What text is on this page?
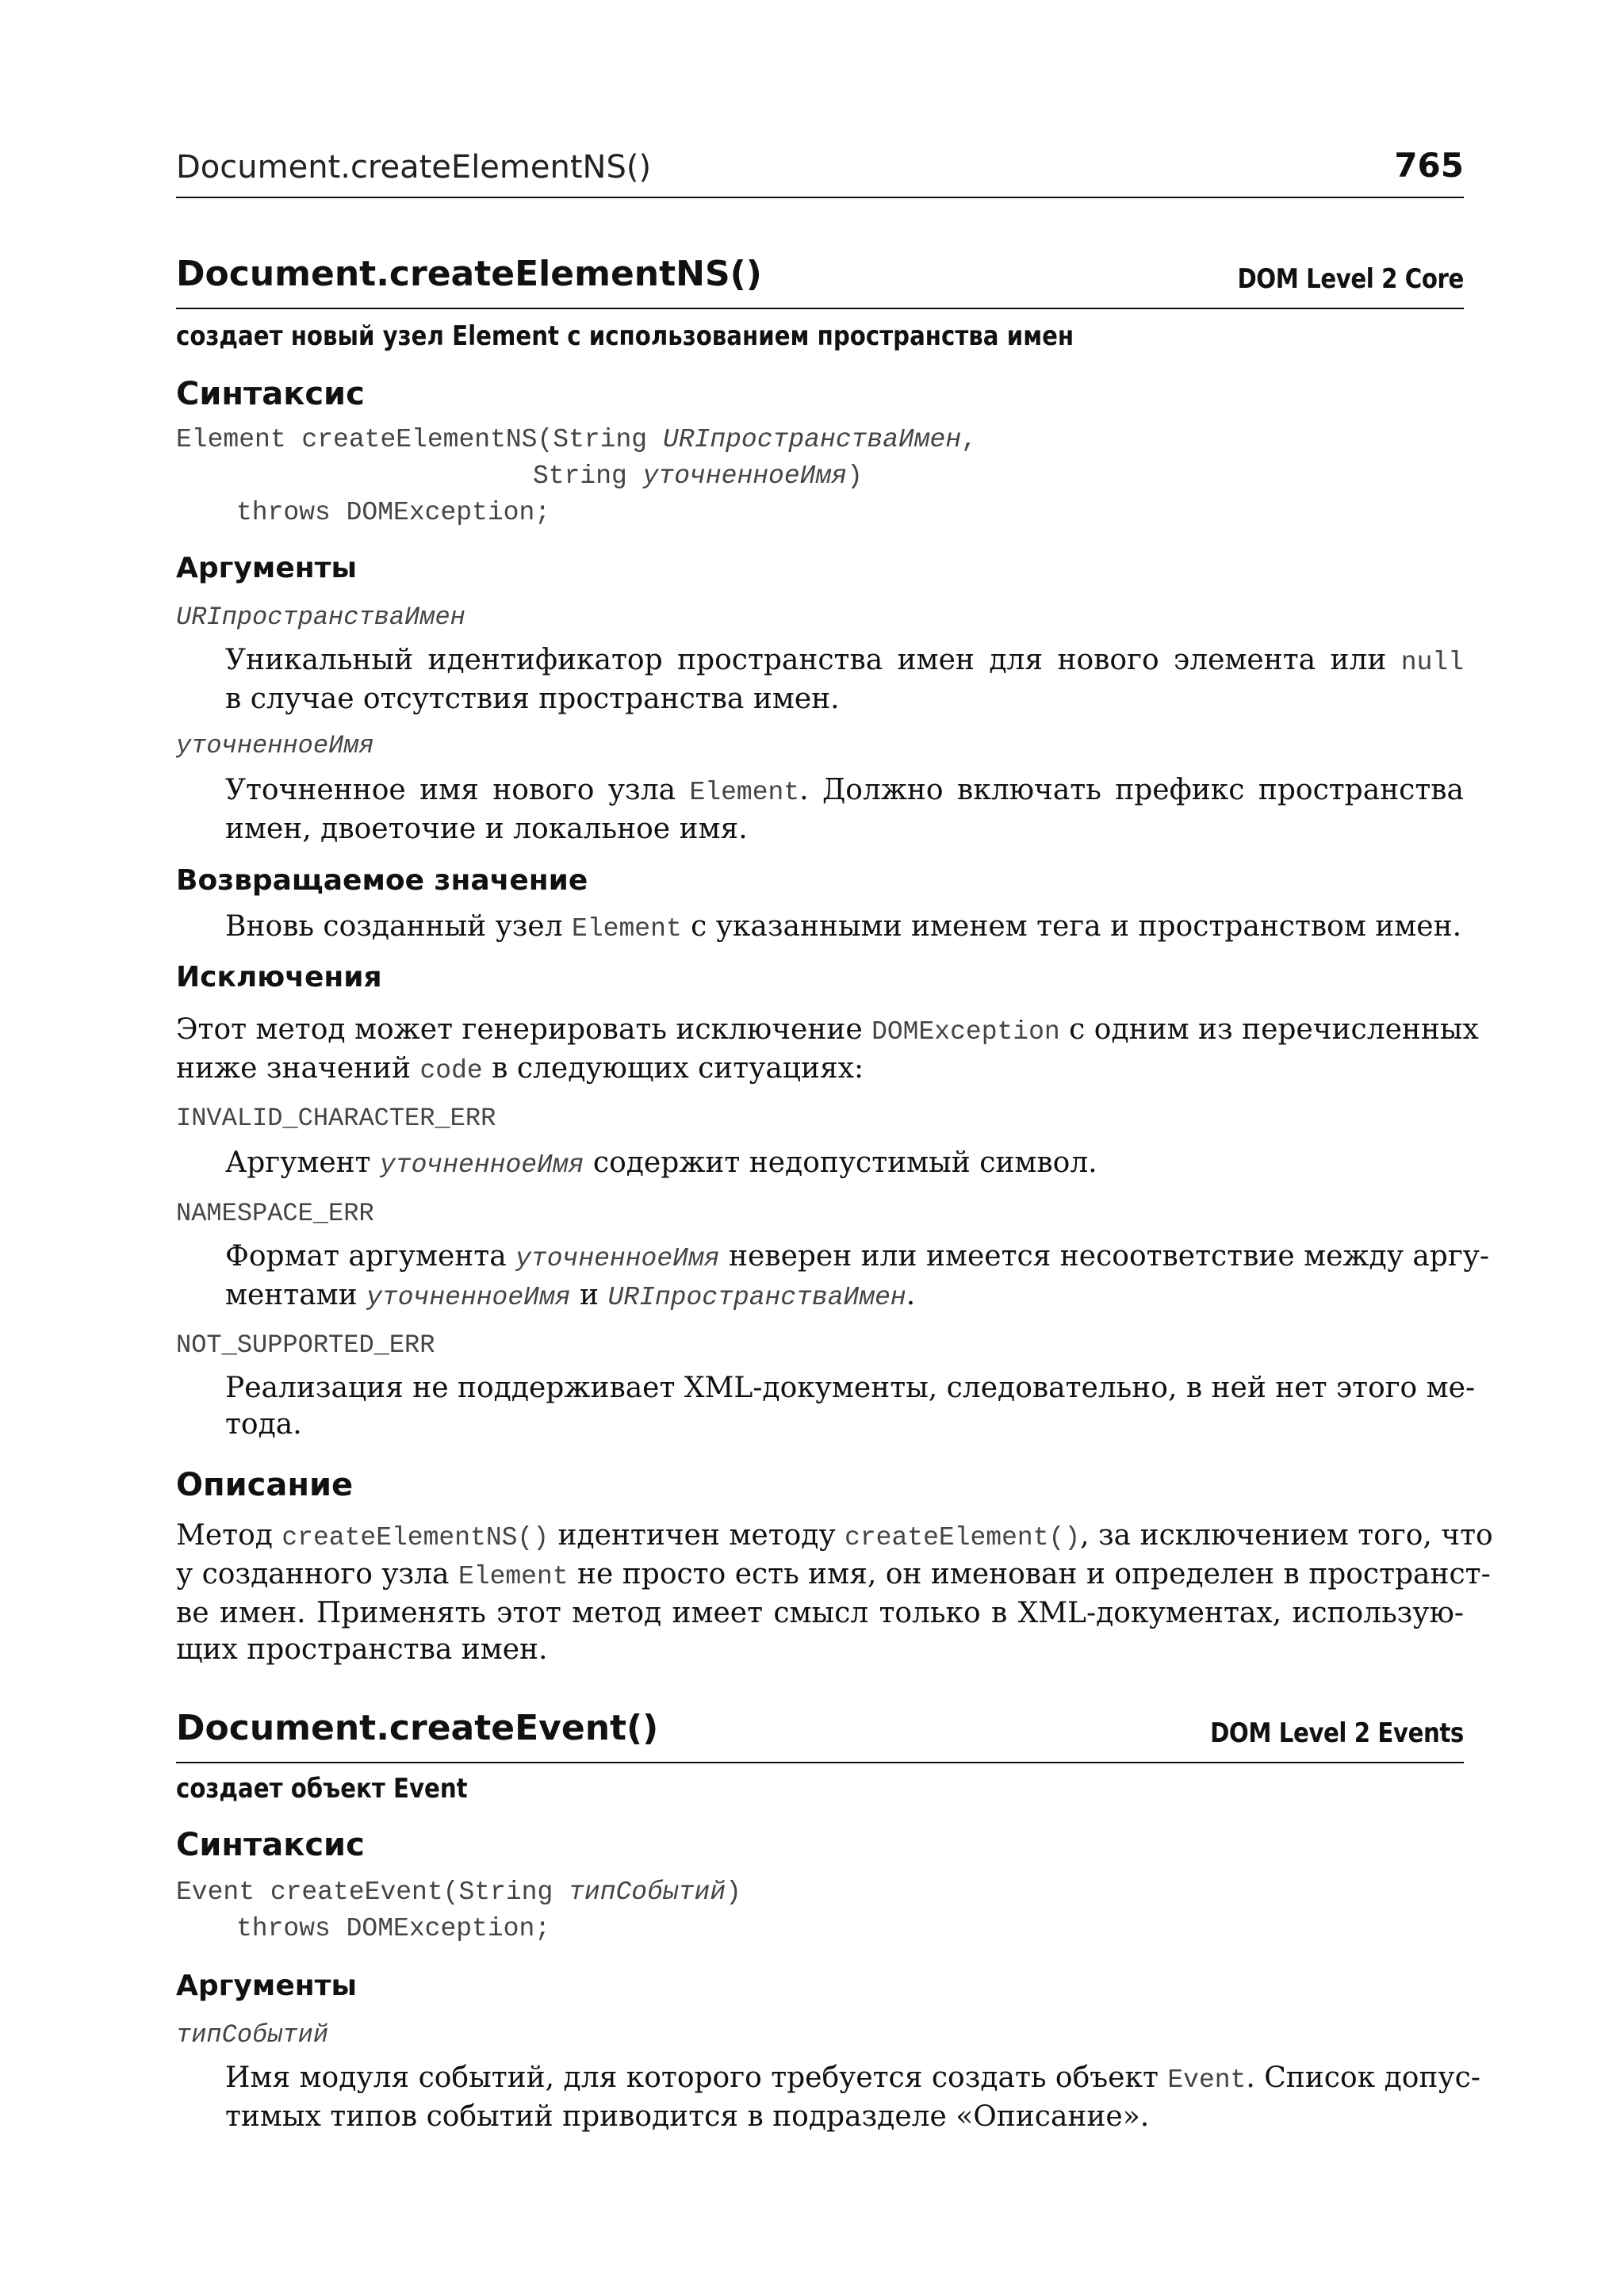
Document.createElementNS()	765
Document.createElementNS()	DOM Level 2 Core
создает новый узел Element с использованием пространства имен
Синтаксис
Element createElementNS(String URIпространстваИмен,
String уточненноеИмя)
throws DOMException;
Аргументы
URIпространстваИмен
Уникальный идентификатор пространства имен для нового элемента или null
в случае отсутствия пространства имен.
уточненноеИмя
Уточненное имя нового узла Element. Должно включать префикс пространства
имен, двоеточие и локальное имя.
Возвращаемое значение
Вновь созданный узел Element с указанными именем тега и пространством имен.
Исключения
Этот метод может генерировать исключение DOMException с одним из перечисленных
ниже значений code в следующих ситуациях:
INVALID_CHARACTER_ERR
Аргумент уточненноеИмя содержит недопустимый символ.
NAMESPACE_ERR
Формат аргумента уточненноеИмя неверен или имеется несоответствие между аргу-
ментами уточненноеИмя и URIпространстваИмен.
NOT_SUPPORTED_ERR
Реализация не поддерживает XML-документы, следовательно, в ней нет этого ме-
тода.
Описание
Метод createElementNS() идентичен методу createElement(), за исключением того, что
у созданного узла Element не просто есть имя, он именован и определен в пространст-
ве имен. Применять этот метод имеет смысл только в XML-документах, использую-
щих пространства имен.
Document.createEvent()	DOM Level 2 Events
создает объект Event
Синтаксис
Event createEvent(String типСобытий)
throws DOMException;
Аргументы
типСобытий
Имя модуля событий, для которого требуется создать объект Event. Список допус-
тимых типов событий приводится в подразделе «Описание».
